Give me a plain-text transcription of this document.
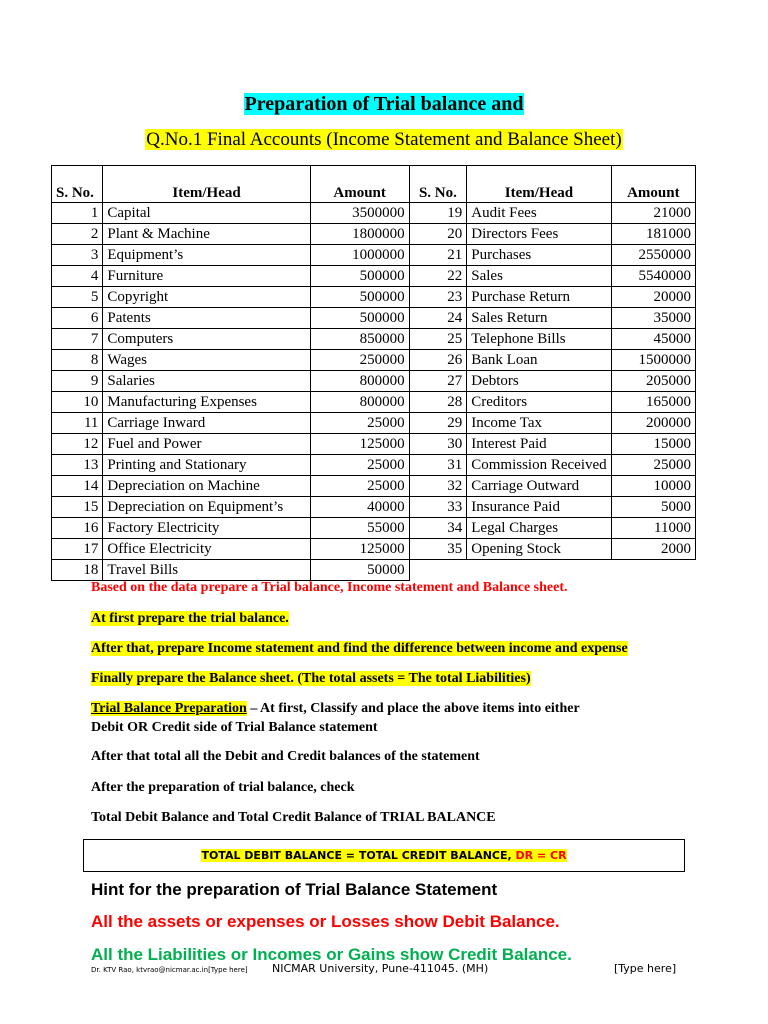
Preparation of Trial balance and
Q.No.1 Final Accounts (Income Statement and Balance Sheet)
S. No.	Item/Head	Amount	S. No.	Item/Head	Amount
1	Capital	3500000	19	Audit Fees	21000
2	Plant & Machine	1800000	20	Directors Fees	181000
3	Equipment’s	1000000	21	Purchases	2550000
4	Furniture	500000	22	Sales	5540000
5	Copyright	500000	23	Purchase Return	20000
6	Patents	500000	24	Sales Return	35000
7	Computers	850000	25	Telephone Bills	45000
8	Wages	250000	26	Bank Loan	1500000
9	Salaries	800000	27	Debtors	205000
10	Manufacturing Expenses	800000	28	Creditors	165000
11	Carriage Inward	25000	29	Income Tax	200000
12	Fuel and Power	125000	30	Interest Paid	15000
13	Printing and Stationary	25000	31	Commission Received	25000
14	Depreciation on Machine	25000	32	Carriage Outward	10000
15	Depreciation on Equipment’s	40000	33	Insurance Paid	5000
16	Factory Electricity	55000	34	Legal Charges	11000
17	Office Electricity	125000	35	Opening Stock	2000
18	Travel Bills	50000			
Based on the data prepare a Trial balance, Income statement and Balance sheet.
At first prepare the trial balance.
After that, prepare Income statement and find the difference between income and expense
Finally prepare the Balance sheet. (The total assets = The total Liabilities)
Trial Balance Preparation – At first, Classify and place the above items into either
Debit OR Credit side of Trial Balance statement
After that total all the Debit and Credit balances of the statement
After the preparation of trial balance, check
Total Debit Balance and Total Credit Balance of TRIAL BALANCE
TOTAL DEBIT BALANCE = TOTAL CREDIT BALANCE, DR = CR
Hint for the preparation of Trial Balance Statement
All the assets or expenses or Losses show Debit Balance.
All the Liabilities or Incomes or Gains show Credit Balance.
Dr. KTV Rao, ktvrao@nicmar.ac.in[Type here] NICMAR University, Pune-411045. (MH)	[Type here]
